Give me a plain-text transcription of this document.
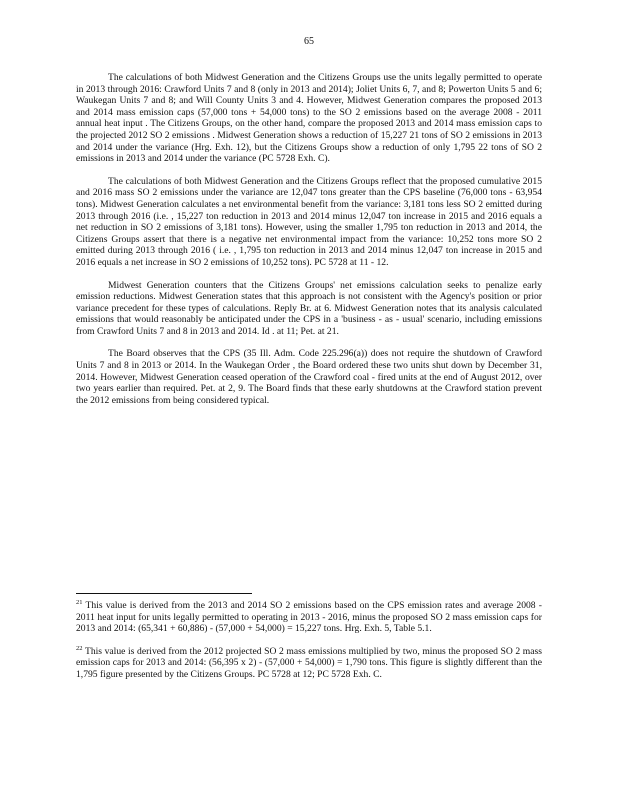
65

The calculations of both Midwest Generation and the Citizens Groups use the units legally permitted to operate in 2013 through 2016: Crawford Units 7 and 8 (only in 2013 and 2014); Joliet Units 6, 7, and 8; Powerton Units 5 and 6; Waukegan Units 7 and 8; and Will County Units 3 and 4. However, Midwest Generation compares the proposed 2013 and 2014 mass emission caps (57,000 tons + 54,000 tons) to the SO 2 emissions based on the average 2008 - 2011 annual heat input . The Citizens Groups, on the other hand, compare the proposed 2013 and 2014 mass emission caps to the projected 2012 SO 2 emissions . Midwest Generation shows a reduction of 15,227 21 tons of SO 2 emissions in 2013 and 2014 under the variance (Hrg. Exh. 12), but the Citizens Groups show a reduction of only 1,795 22 tons of SO 2 emissions in 2013 and 2014 under the variance (PC 5728 Exh. C).

The calculations of both Midwest Generation and the Citizens Groups reflect that the proposed cumulative 2015 and 2016 mass SO 2 emissions under the variance are 12,047 tons greater than the CPS baseline (76,000 tons - 63,954 tons). Midwest Generation calculates a net environmental benefit from the variance: 3,181 tons less SO 2 emitted during 2013 through 2016 (i.e. , 15,227 ton reduction in 2013 and 2014 minus 12,047 ton increase in 2015 and 2016 equals a net reduction in SO 2 emissions of 3,181 tons). However, using the smaller 1,795 ton reduction in 2013 and 2014, the Citizens Groups assert that there is a negative net environmental impact from the variance: 10,252 tons more SO 2 emitted during 2013 through 2016 ( i.e. , 1,795 ton reduction in 2013 and 2014 minus 12,047 ton increase in 2015 and 2016 equals a net increase in SO 2 emissions of 10,252 tons). PC 5728 at 11 - 12.

Midwest Generation counters that the Citizens Groups' net emissions calculation seeks to penalize early emission reductions. Midwest Generation states that this approach is not consistent with the Agency's position or prior variance precedent for these types of calculations. Reply Br. at 6. Midwest Generation notes that its analysis calculated emissions that would reasonably be anticipated under the CPS in a 'business - as - usual' scenario, including emissions from Crawford Units 7 and 8 in 2013 and 2014. Id . at 11; Pet. at 21.

The Board observes that the CPS (35 Ill. Adm. Code 225.296(a)) does not require the shutdown of Crawford Units 7 and 8 in 2013 or 2014. In the Waukegan Order , the Board ordered these two units shut down by December 31, 2014. However, Midwest Generation ceased operation of the Crawford coal - fired units at the end of August 2012, over two years earlier than required. Pet. at 2, 9. The Board finds that these early shutdowns at the Crawford station prevent the 2012 emissions from being considered typical.

$^{21}$ This value is derived from the 2013 and 2014 SO 2 emissions based on the CPS emission rates and average 2008 - 2011 heat input for units legally permitted to operating in 2013 - 2016, minus the proposed SO 2 mass emission caps for 2013 and 2014: (65,341 + 60,886) - (57,000 + 54,000) = 15,227 tons. Hrg. Exh. 5, Table 5.1.

$^{22}$ This value is derived from the 2012 projected SO 2 mass emissions multiplied by two, minus the proposed SO 2 mass emission caps for 2013 and 2014: (56,395 x 2) - (57,000 + 54,000) = 1,790 tons. This figure is slightly different than the 1,795 figure presented by the Citizens Groups. PC 5728 at 12; PC 5728 Exh. C.
